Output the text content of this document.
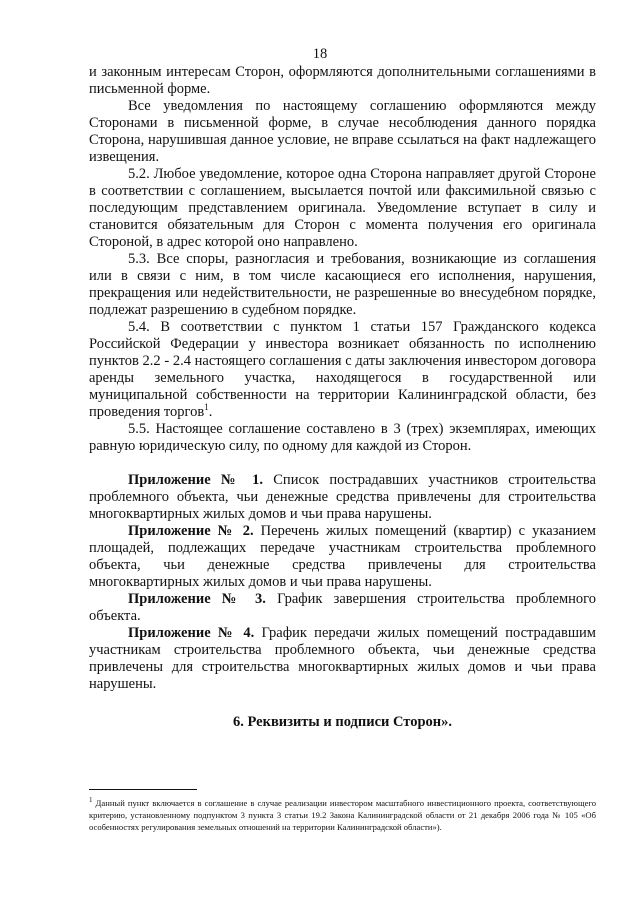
18

и законным интересам Сторон, оформляются дополнительными соглашениями в письменной форме.

Все уведомления по настоящему соглашению оформляются между Сторонами в письменной форме, в случае несоблюдения данного порядка Сторона, нарушившая данное условие, не вправе ссылаться на факт надлежащего извещения.

5.2. Любое уведомление, которое одна Сторона направляет другой Стороне в соответствии с соглашением, высылается почтой или факсимильной связью с последующим представлением оригинала. Уведомление вступает в силу и становится обязательным для Сторон с момента получения его оригинала Стороной, в адрес которой оно направлено.

5.3. Все споры, разногласия и требования, возникающие из соглашения или в связи с ним, в том числе касающиеся его исполнения, нарушения, прекращения или недействительности, не разрешенные во внесудебном порядке, подлежат разрешению в судебном порядке.

5.4. В соответствии с пунктом 1 статьи 157 Гражданского кодекса Российской Федерации у инвестора возникает обязанность по исполнению пунктов 2.2 - 2.4 настоящего соглашения с даты заключения инвестором договора аренды земельного участка, находящегося в государственной или муниципальной собственности на территории Калининградской области, без проведения торгов$^1$.

5.5. Настоящее соглашение составлено в 3 (трех) экземплярах, имеющих равную юридическую силу, по одному для каждой из Сторон.

Приложение № 1. Список пострадавших участников строительства проблемного объекта, чьи денежные средства привлечены для строительства многоквартирных жилых домов и чьи права нарушены.

Приложение № 2. Перечень жилых помещений (квартир) с указанием площадей, подлежащих передаче участникам строительства проблемного объекта, чьи денежные средства привлечены для строительства многоквартирных жилых домов и чьи права нарушены.

Приложение № 3. График завершения строительства проблемного объекта.

Приложение № 4. График передачи жилых помещений пострадавшим участникам строительства проблемного объекта, чьи денежные средства привлечены для строительства многоквартирных жилых домов и чьи права нарушены.

6. Реквизиты и подписи Сторон».

$^1$ Данный пункт включается в соглашение в случае реализации инвестором масштабного инвестиционного проекта, соответствующего критерию, установленному подпунктом 3 пункта 3 статьи 19.2 Закона Калининградской области от 21 декабря 2006 года № 105 «Об особенностях регулирования земельных отношений на территории Калининградской области»).
